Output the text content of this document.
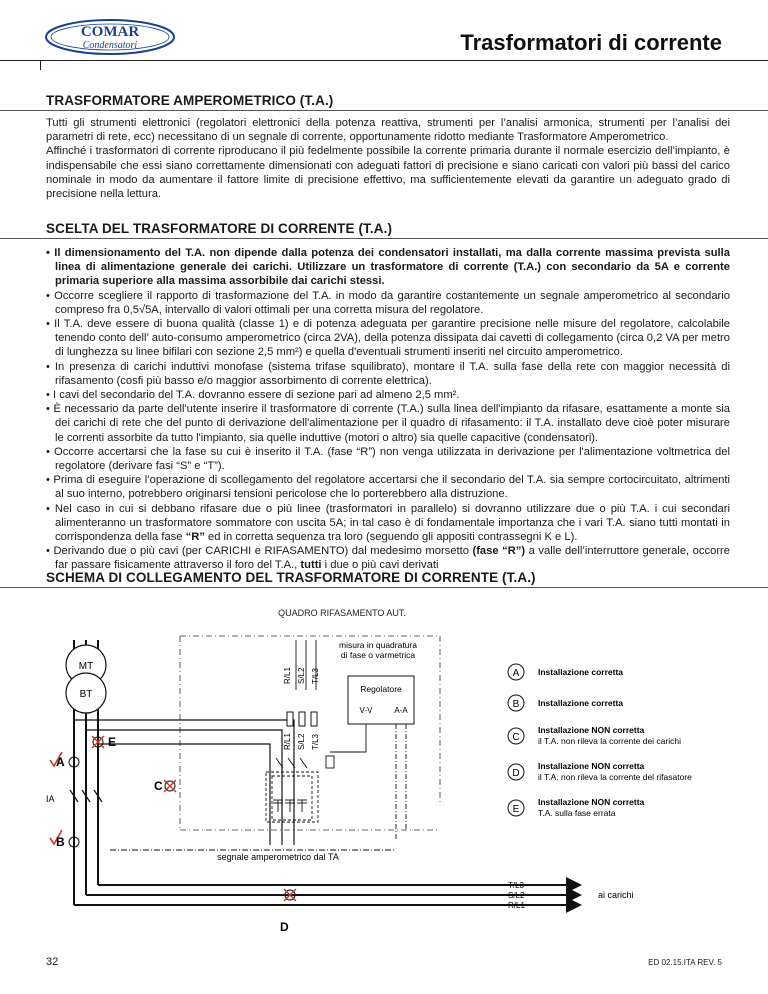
COMAR
Condensatori	Trasformatori di corrente
TRASFORMATORE AMPEROMETRICO (T.A.)

Tutti gli strumenti elettronici (regolatori elettronici della potenza reattiva, strumenti per l’analisi armonica, strumenti per l’analisi dei parametri di rete, ecc) necessitano di un segnale di corrente, opportunamente ridotto mediante Trasformatore Amperometrico.

Affinché i trasformatori di corrente riproducano il più fedelmente possibile la corrente primaria durante il normale esercizio dell’impianto, è indispensabile che essi siano correttamente dimensionati con adeguati fattori di precisione e siano caricati con valori più bassi del carico nominale in modo da aumentare il fattore limite di precisione effettivo, ma sufficientemente elevati da garantire un adeguato grado di precisione nella lettura.

SCELTA DEL TRASFORMATORE DI CORRENTE (T.A.)

• Il dimensionamento del T.A. non dipende dalla potenza dei condensatori installati, ma dalla corrente massima prevista sulla linea di alimentazione generale dei carichi. Utilizzare un trasformatore di corrente (T.A.) con secondario da 5A e corrente primaria superiore alla massima assorbibile dai carichi stessi.

• Occorre scegliere il rapporto di trasformazione del T.A. in modo da garantire costantemente un segnale amperometrico al secondario compreso fra 0,5√5A, intervallo di valori ottimali per una corretta misura del regolatore.

• Il T.A. deve essere di buona qualità (classe 1) e di potenza adeguata per garantire precisione nelle misure del regolatore, calcolabile tenendo conto dell’ auto-consumo amperometrico (circa 2VA), della potenza dissipata dai cavetti di collegamento (circa 0,2 VA per metro di lunghezza su linee bifilari con sezione 2,5 mm²) e quella d'eventuali strumenti inseriti nel circuito amperometrico.

• In presenza di carichi induttivi monofase (sistema trifase squilibrato), montare il T.A. sulla fase della rete con maggior necessità di rifasamento (cosfi più basso e/o maggior assorbimento di corrente elettrica).

• I cavi del secondario del T.A. dovranno essere di sezione pari ad almeno 2,5 mm².

• È necessario da parte dell'utente inserire il trasformatore di corrente (T.A.) sulla linea dell'impianto da rifasare, esattamente a monte sia dei carichi di rete che del punto di derivazione dell'alimentazione per il quadro di rifasamento: il T.A. installato deve cioè poter misurare le correnti assorbite da tutto l'impianto, sia quelle induttive (motori o altro) sia quelle capacitive (condensatori).

• Occorre accertarsi che la fase su cui è inserito il T.A. (fase “R”) non venga utilizzata in derivazione per l'alimentazione voltmetrica del regolatore (derivare fasi “S” e “T”).

• Prima di eseguire l’operazione di scollegamento del regolatore accertarsi che il secondario del T.A. sia sempre cortocircuitato, altrimenti al suo interno, potrebbero originarsi tensioni pericolose che lo porterebbero alla distruzione.

• Nel caso in cui si debbano rifasare due o più linee (trasformatori in parallelo) si dovranno utilizzare due o più T.A. i cui secondari alimenteranno un trasformatore sommatore con uscita 5A; in tal caso è di fondamentale importanza che i vari T.A. siano tutti montati in corrispondenza della fase “R” ed in corretta sequenza tra loro (seguendo gli appositi contrassegni K e L).

• Derivando due o più cavi (per CARICHI e RIFASAMENTO) dal medesimo morsetto (fase “R”) a valle dell’interruttore generale, occorre far passare fisicamente attraverso il foro del T.A., tutti i due o più cavi derivati

SCHEMA DI COLLEGAMENTO DEL TRASFORMATORE DI CORRENTE (T.A.)
QUADRO RIFASAMENTO AUT.
MT
BT
IA
R/L1 S/L2 T/L3
misura in quadratura
di fase o varmetrica
R/L1 S/L2 T/L3
Regolatore
V-V	A-A
segnale amperometrico dal TA
A
B
E
C
D
T/L3
S/L2
R/L1
ai carichi
A Installazione corretta
B Installazione corretta
C
Installazione NON corretta
il T.A. non rileva la corrente dei carichi
D
Installazione NON corretta
il T.A. non rileva la corrente del rifasatore
E
Installazione NON corretta
T.A. sulla fase errata
32	ED 02.15.ITA REV. 5
